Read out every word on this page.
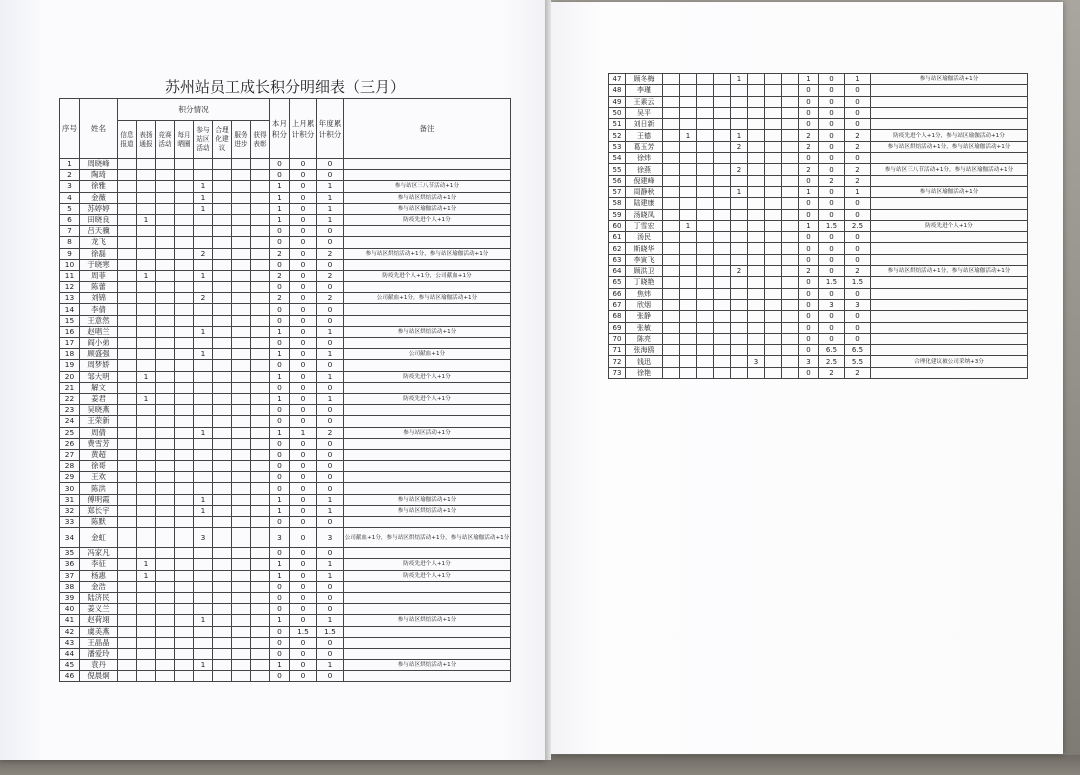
苏州站员工成长积分明细表（三月）
序号	姓名	积分情况								本月积分	上月累计积分	年度累计积分	备注
		信息报道	表扬通报	竞赛活动	每月晒圈	参与站区活动	合理化建议	服务进步	获得表彰				
1	周晓峰									0	0	0	
2	陶琦									0	0	0	
3	徐雅					1				1	0	1	参与站区三八节活动+1分
4	金薇					1				1	0	1	参与站区烘焙活动+1分
5	苏婷婷					1				1	0	1	参与站区瑜伽活动+1分
6	田晓良		1							1	0	1	防疫先进个人+1分
7	吕天骥									0	0	0	
8	龙飞									0	0	0	
9	徐磊					2				2	0	2	参与站区烘焙活动+1分，参与站区瑜伽活动+1分
10	于晓寒									0	0	0	
11	周菲		1			1				2	0	2	防疫先进个人+1分，公司献血+1分
12	陈蕾									0	0	0	
13	刘锦					2				2	0	2	公司献血+1分，参与站区瑜伽活动+1分
14	李倩									0	0	0	
15	王意然									0	0	0	
16	赵唱兰					1				1	0	1	参与站区烘焙活动+1分
17	阎小弟									0	0	0	
18	顾盛强					1				1	0	1	公司献血+1分
19	周梦娇									0	0	0	
20	邹大明		1							1	0	1	防疫先进个人+1分
21	解文									0	0	0	
22	姜君		1							1	0	1	防疫先进个人+1分
23	吴晓燕									0	0	0	
24	王荣新									0	0	0	
25	周倩					1				1	1	2	参与站区活动+1分
26	费雪芳									0	0	0	
27	黄超									0	0	0	
28	徐哥									0	0	0	
29	王欢									0	0	0	
30	陈洪									0	0	0	
31	傅明霞					1				1	0	1	参与站区瑜伽活动+1分
32	郑长宇					1				1	0	1	参与站区烘焙活动+1分
33	陈默									0	0	0	
34	金虹					3				3	0	3	公司献血+1分，参与站区烘焙活动+1分，参与站区瑜伽活动+1分
35	冯家凡									0	0	0	
36	李征		1							1	0	1	防疫先进个人+1分
37	杨惠		1							1	0	1	防疫先进个人+1分
38	金浩									0	0	0	
39	陆济民									0	0	0	
40	姜义兰									0	0	0	
41	赵荷翊					1				1	0	1	参与站区烘焙活动+1分
42	虞美燕									0	1.5	1.5	
43	王晶晶									0	0	0	
44	潘爱玲									0	0	0	
45	袁丹					1				1	0	1	参与站区烘焙活动+1分
46	倪晨炯									0	0	0	
47	顾冬梅					1				1	0	1	参与站区瑜伽活动+1分
48	李瑾									0	0	0	
49	王素云									0	0	0	
50	吴平									0	0	0	
51	刘日新									0	0	0	
52	王德		1			1				2	0	2	防疫先进个人+1分，参与站区瑜伽活动+1分
53	葛玉芳					2				2	0	2	参与站区烘焙活动+1分，参与站区瑜伽活动+1分
54	徐炜									0	0	0	
55	徐燕					2				2	0	2	参与站区三八节活动+1分，参与站区瑜伽活动+1分
56	倪建峰									0	2	2	
57	周静秋					1				1	0	1	参与站区瑜伽活动+1分
58	陆建康									0	0	0	
59	汤晓凤									0	0	0	
60	丁雪宏		1							1	1.5	2.5	防疫先进个人+1分
61	汤民									0	0	0	
62	斯晓华									0	0	0	
63	李寅飞									0	0	0	
64	顾洪卫					2				2	0	2	参与站区烘焙活动+1分，参与站区瑜伽活动+1分
65	丁晓艳									0	1.5	1.5	
66	焦炜									0	0	0	
67	欣烟									0	3	3	
68	张静									0	0	0	
69	张敏									0	0	0	
70	陈亮									0	0	0	
71	张海鸥									0	6.5	6.5	
72	钱迅						3			3	2.5	5.5	合理化建议被公司采纳+3分
73	徐艳									0	2	2	
